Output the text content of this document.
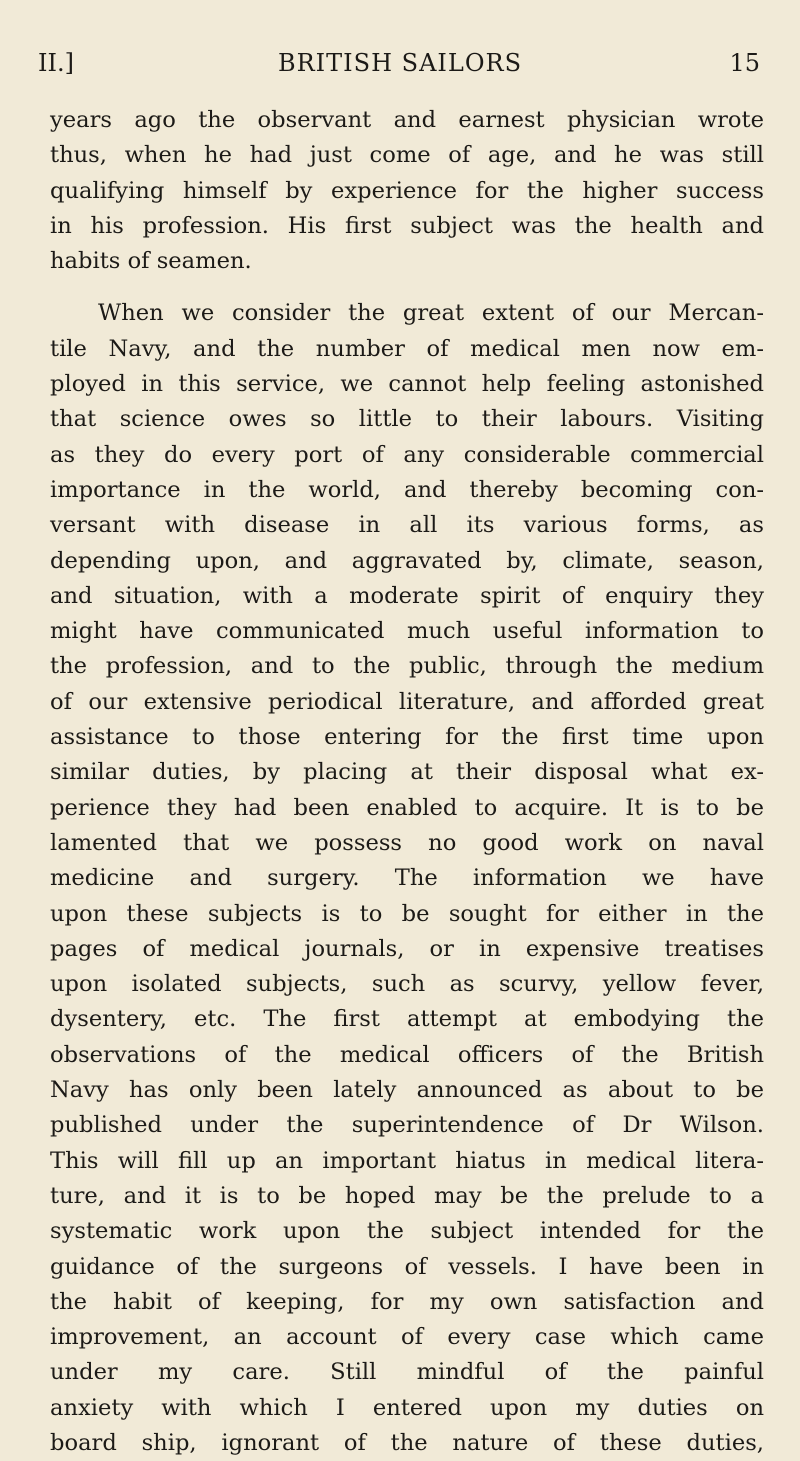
II.]	BRITISH SAILORS	15
years ago the observant and earnest physician wrote
thus, when he had just come of age, and he was still
qualifying himself by experience for the higher success
in his profession. His first subject was the health and
habits of seamen.
When we consider the great extent of our Mercan-
tile Navy, and the number of medical men now em-
ployed in this service, we cannot help feeling astonished
that science owes so little to their labours. Visiting
as they do every port of any considerable commercial
importance in the world, and thereby becoming con-
versant with disease in all its various forms, as
depending upon, and aggravated by, climate, season,
and situation, with a moderate spirit of enquiry they
might have communicated much useful information to
the profession, and to the public, through the medium
of our extensive periodical literature, and afforded great
assistance to those entering for the first time upon
similar duties, by placing at their disposal what ex-
perience they had been enabled to acquire. It is to be
lamented that we possess no good work on naval
medicine and surgery. The information we have
upon these subjects is to be sought for either in the
pages of medical journals, or in expensive treatises
upon isolated subjects, such as scurvy, yellow fever,
dysentery, etc. The first attempt at embodying the
observations of the medical officers of the British
Navy has only been lately announced as about to be
published under the superintendence of Dr Wilson.
This will fill up an important hiatus in medical litera-
ture, and it is to be hoped may be the prelude to a
systematic work upon the subject intended for the
guidance of the surgeons of vessels. I have been in
the habit of keeping, for my own satisfaction and
improvement, an account of every case which came
under my care. Still mindful of the painful
anxiety with which I entered upon my duties on
board ship, ignorant of the nature of these duties,
